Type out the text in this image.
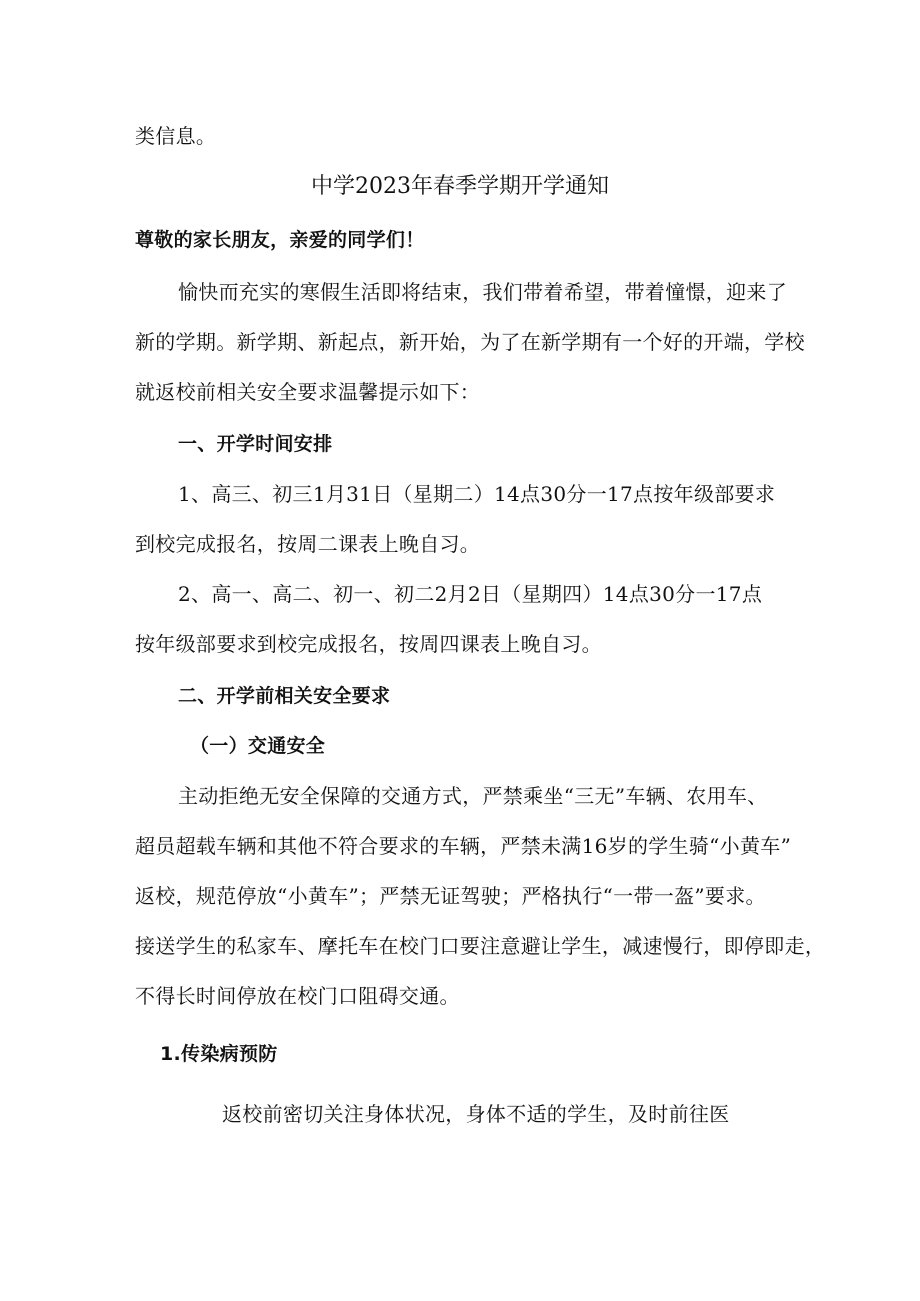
类信息。
中学2023年春季学期开学通知
尊敬的家长朋友，亲爱的同学们！
愉快而充实的寒假生活即将结束，我们带着希望，带着憧憬，迎来了
新的学期。新学期、新起点，新开始，为了在新学期有一个好的开端，学校
就返校前相关安全要求温馨提示如下：
一、开学时间安排
1、高三、初三1月31日（星期二）14点30分一17点按年级部要求
到校完成报名，按周二课表上晚自习。
2、高一、高二、初一、初二2月2日（星期四）14点30分一17点
按年级部要求到校完成报名，按周四课表上晚自习。
二、开学前相关安全要求
（一）交通安全
主动拒绝无安全保障的交通方式，严禁乘坐“三无”车辆、农用车、
超员超载车辆和其他不符合要求的车辆，严禁未满16岁的学生骑“小黄车”
返校，规范停放“小黄车”；严禁无证驾驶；严格执行“一带一盔”要求。
接送学生的私家车、摩托车在校门口要注意避让学生，减速慢行，即停即走，
不得长时间停放在校门口阻碍交通。
1.传染病预防
返校前密切关注身体状况，身体不适的学生，及时前往医
